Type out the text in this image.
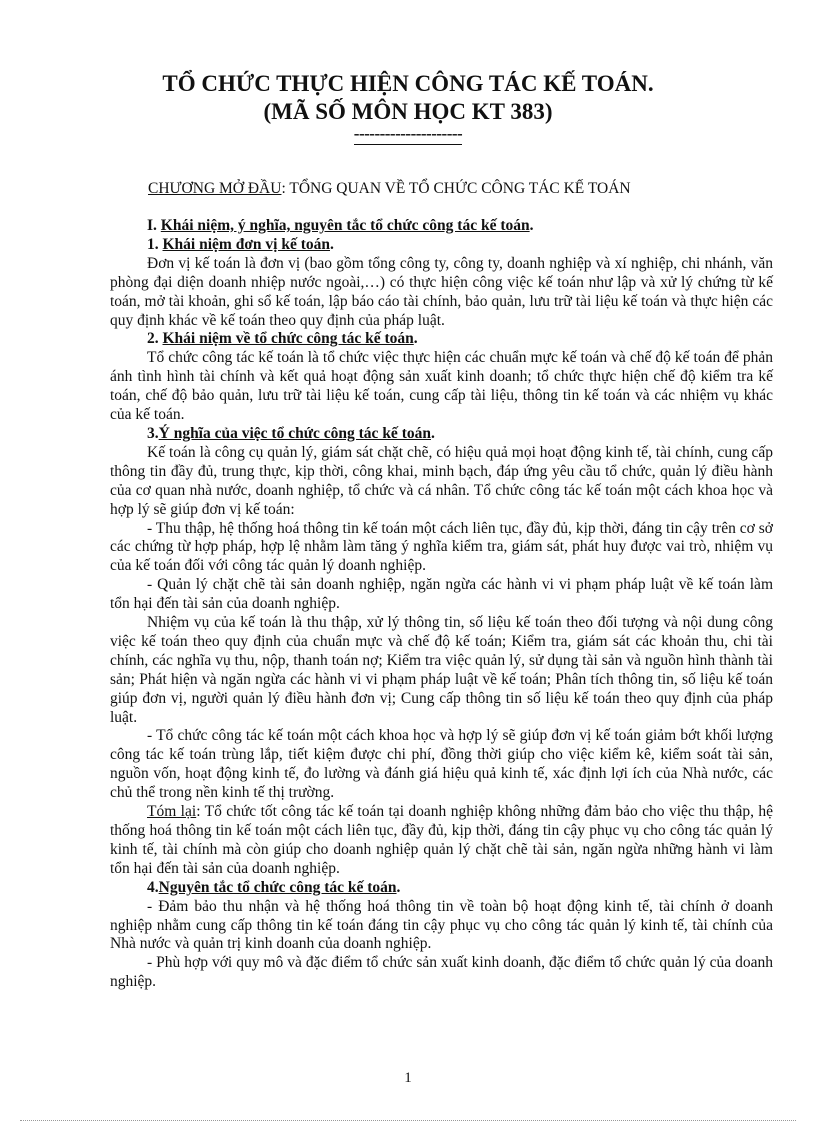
TỔ CHỨC THỰC HIỆN CÔNG TÁC KẾ TOÁN.
(MÃ SỐ MÔN HỌC KT 383)
---------------------
CHƯƠNG MỞ ĐẦU: TỔNG QUAN VỀ TỔ CHỨC CÔNG TÁC KẾ TOÁN

I. Khái niệm, ý nghĩa, nguyên tắc tổ chức công tác kế toán.

1. Khái niệm đơn vị kế toán.

Đơn vị kế toán là đơn vị (bao gồm tổng công ty, công ty, doanh nghiệp và xí nghiệp, chi nhánh, văn phòng đại diện doanh nhiệp nước ngoài,…) có thực hiện công việc kế toán như lập và xử lý chứng từ kế toán, mở tài khoản, ghi sổ kế toán, lập báo cáo tài chính, bảo quản, lưu trữ tài liệu kế toán và thực hiện các quy định khác về kế toán theo quy định của pháp luật.

2. Khái niệm về tổ chức công tác kế toán.

Tổ chức công tác kế toán là tổ chức việc thực hiện các chuẩn mực kế toán và chế độ kế toán để phản ánh tình hình tài chính và kết quả hoạt động sản xuất kinh doanh; tổ chức thực hiện chế độ kiểm tra kế toán, chế độ bảo quản, lưu trữ tài liệu kế toán, cung cấp tài liệu, thông tin kế toán và các nhiệm vụ khác của kế toán.

3.Ý nghĩa của việc tổ chức công tác kế toán.

Kế toán là công cụ quản lý, giám sát chặt chẽ, có hiệu quả mọi hoạt động kinh tế, tài chính, cung cấp thông tin đầy đủ, trung thực, kịp thời, công khai, minh bạch, đáp ứng yêu cầu tổ chức, quản lý điều hành của cơ quan nhà nước, doanh nghiệp, tổ chức và cá nhân. Tổ chức công tác kế toán một cách khoa học và hợp lý sẽ giúp đơn vị kế toán:

- Thu thập, hệ thống hoá thông tin kế toán một cách liên tục, đầy đủ, kịp thời, đáng tin cậy trên cơ sở các chứng từ hợp pháp, hợp lệ nhằm làm tăng ý nghĩa kiểm tra, giám sát, phát huy được vai trò, nhiệm vụ của kế toán đối với công tác quản lý doanh nghiệp.

- Quản lý chặt chẽ tài sản doanh nghiệp, ngăn ngừa các hành vi vi phạm pháp luật về kế toán làm tổn hại đến tài sản của doanh nghiệp.

Nhiệm vụ của kế toán là thu thập, xử lý thông tin, số liệu kế toán theo đối tượng và nội dung công việc kế toán theo quy định của chuẩn mực và chế độ kế toán; Kiểm tra, giám sát các khoản thu, chi tài chính, các nghĩa vụ thu, nộp, thanh toán nợ; Kiểm tra việc quản lý, sử dụng tài sản và nguồn hình thành tài sản; Phát hiện và ngăn ngừa các hành vi vi phạm pháp luật về kế toán; Phân tích thông tin, số liệu kế toán giúp đơn vị, người quản lý điều hành đơn vị; Cung cấp thông tin số liệu kế toán theo quy định của pháp luật.

- Tổ chức công tác kế toán một cách khoa học và hợp lý sẽ giúp đơn vị kế toán giảm bớt khối lượng công tác kế toán trùng lắp, tiết kiệm được chi phí, đồng thời giúp cho việc kiểm kê, kiểm soát tài sản, nguồn vốn, hoạt động kinh tế, đo lường và đánh giá hiệu quả kinh tế, xác định lợi ích của Nhà nước, các chủ thể trong nền kinh tế thị trường.

Tóm lại: Tổ chức tốt công tác kế toán tại doanh nghiệp không những đảm bảo cho việc thu thập, hệ thống hoá thông tin kế toán một cách liên tục, đầy đủ, kịp thời, đáng tin cậy phục vụ cho công tác quản lý kinh tế, tài chính mà còn giúp cho doanh nghiệp quản lý chặt chẽ tài sản, ngăn ngừa những hành vi làm tổn hại đến tài sản của doanh nghiệp.

4.Nguyên tắc tổ chức công tác kế toán.

- Đảm bảo thu nhận và hệ thống hoá thông tin về toàn bộ hoạt động kinh tế, tài chính ở doanh nghiệp nhằm cung cấp thông tin kế toán đáng tin cậy phục vụ cho công tác quản lý kinh tế, tài chính của Nhà nước và quản trị kinh doanh của doanh nghiệp.

- Phù hợp với quy mô và đặc điểm tổ chức sản xuất kinh doanh, đặc điểm tổ chức quản lý của doanh nghiệp.

1
